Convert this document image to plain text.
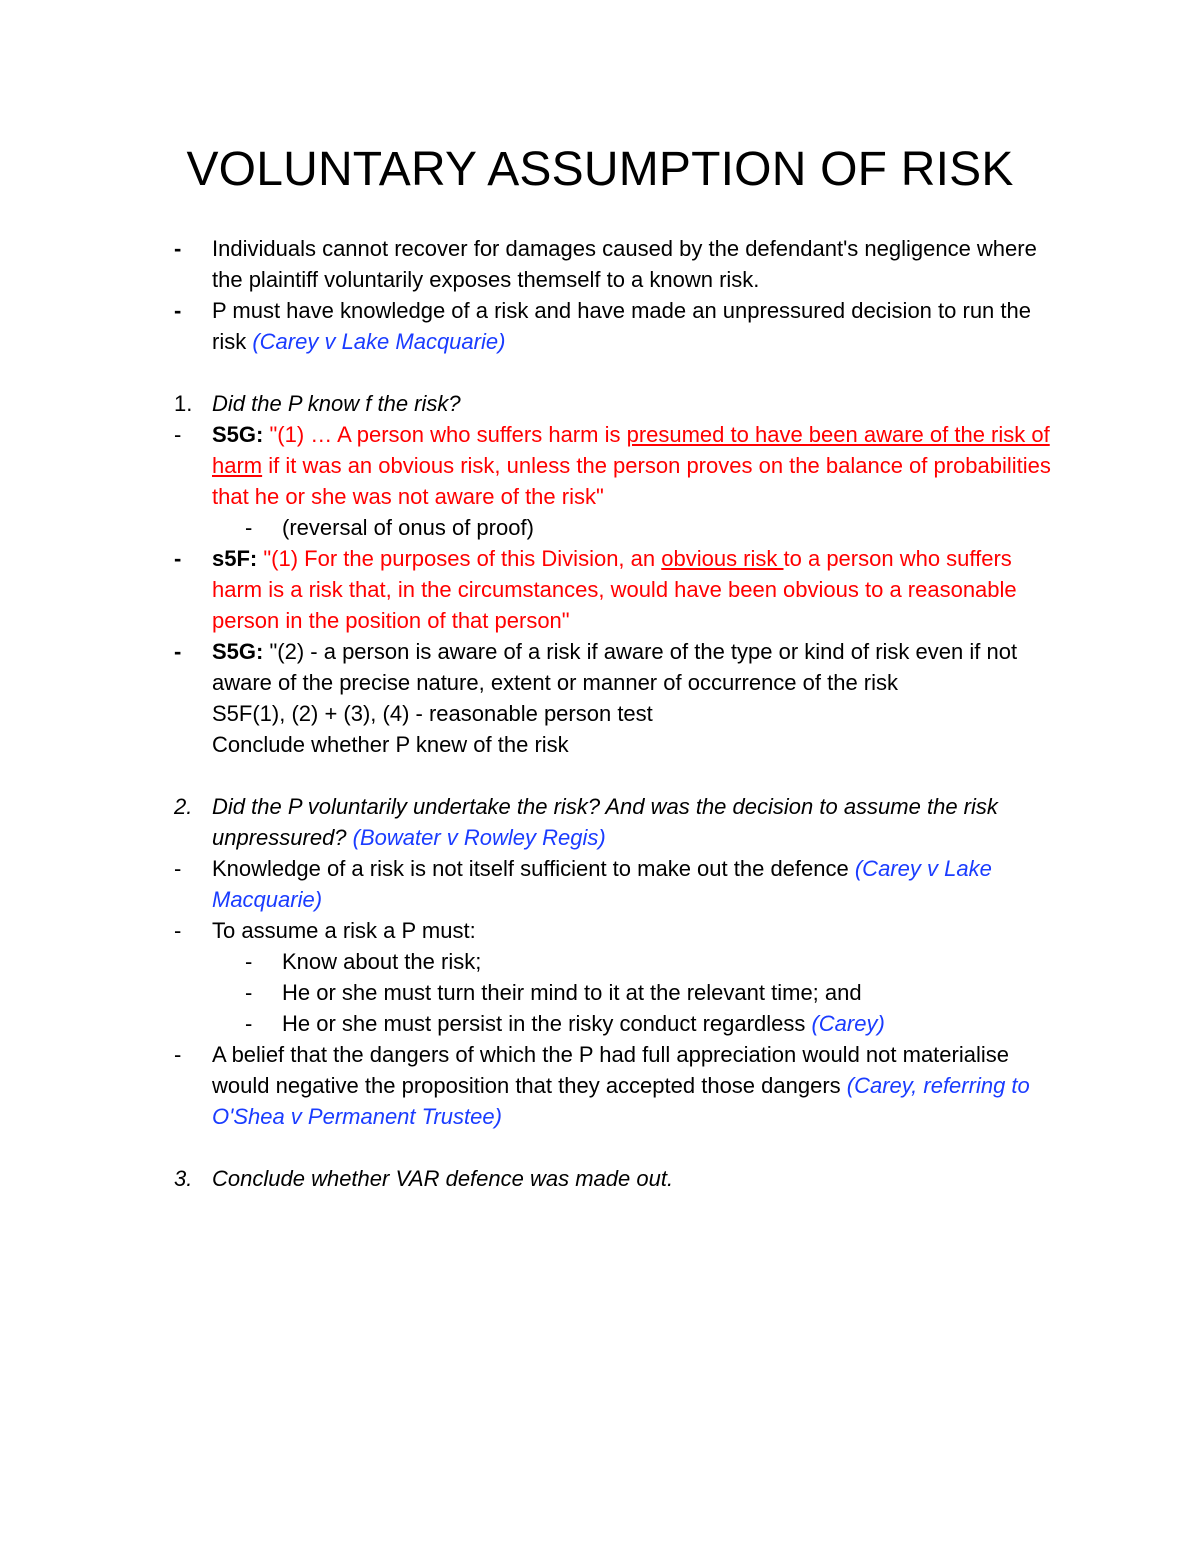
VOLUNTARY ASSUMPTION OF RISK
- Individuals cannot recover for damages caused by the defendant's negligence where the plaintiff voluntarily exposes themself to a known risk.
- P must have knowledge of a risk and have made an unpressured decision to run the risk (Carey v Lake Macquarie)
1. Did the P know f the risk?
- S5G: "(1) … A person who suffers harm is presumed to have been aware of the risk of harm if it was an obvious risk, unless the person proves on the balance of probabilities that he or she was not aware of the risk"
- (reversal of onus of proof)
- s5F: "(1) For the purposes of this Division, an obvious risk to a person who suffers harm is a risk that, in the circumstances, would have been obvious to a reasonable person in the position of that person"
- S5G: "(2) - a person is aware of a risk if aware of the type or kind of risk even if not aware of the precise nature, extent or manner of occurrence of the risk
S5F(1), (2) + (3), (4) - reasonable person test
Conclude whether P knew of the risk
2. Did the P voluntarily undertake the risk? And was the decision to assume the risk unpressured? (Bowater v Rowley Regis)
- Knowledge of a risk is not itself sufficient to make out the defence (Carey v Lake Macquarie)
- To assume a risk a P must:
- Know about the risk;
- He or she must turn their mind to it at the relevant time; and
- He or she must persist in the risky conduct regardless (Carey)
- A belief that the dangers of which the P had full appreciation would not materialise would negative the proposition that they accepted those dangers (Carey, referring to O'Shea v Permanent Trustee)
3. Conclude whether VAR defence was made out.
